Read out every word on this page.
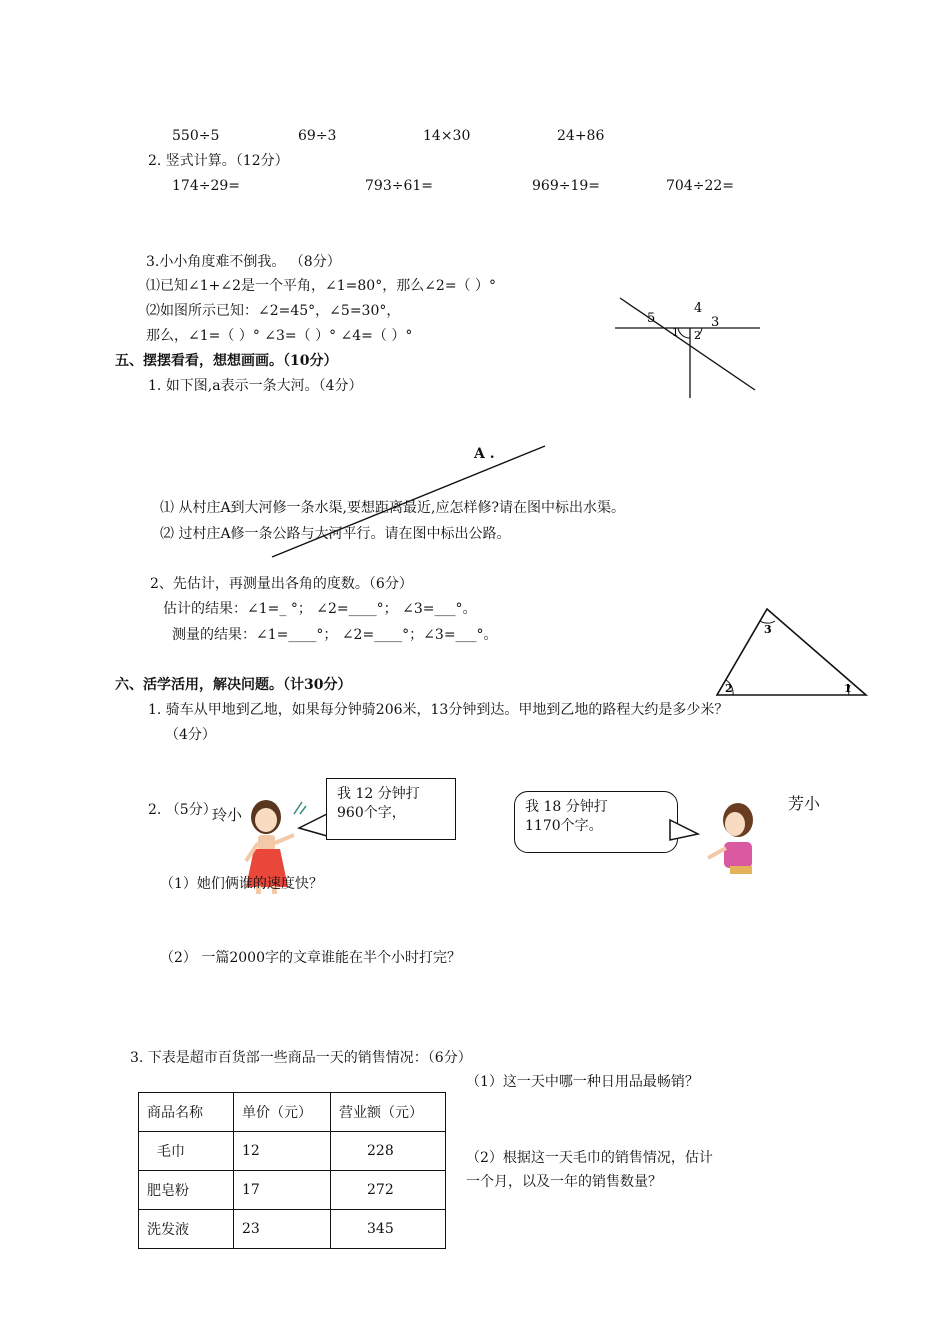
550÷5	69÷3	14×30	24+86
2. 竖式计算。（12分）
174÷29=	793÷61=	969÷19=	704÷22=
3.小小角度难不倒我。 （8分）
⑴已知∠1+∠2是一个平角，∠1=80°，那么∠2=（ ）°
⑵如图所示已知：∠2=45°，∠5=30°，
那么，∠1=（ ）° ∠3=（ ）° ∠4=（ ）°
5
4
3
1 2
五、摆摆看看，想想画画。（10分）
1. 如下图,a表示一条大河。（4分）
A .
⑴ 从村庄A到大河修一条水渠,要想距离最近,应怎样修?请在图中标出水渠。
⑵ 过村庄A修一条公路与大河平行。请在图中标出公路。
2、先估计，再测量出各角的度数。（6分）
估计的结果：∠1=_ °； ∠2=____°； ∠3=___°。
测量的结果：∠1=____°； ∠2=____°；∠3=___°。	3
2	1
六、活学活用，解决问题。（计30分）
1. 骑车从甲地到乙地，如果每分钟骑206米，13分钟到达。甲地到乙地的路程大约是多少米？
（4分）
2. （5分）
玲小
芳小
我 12 分钟打
960个字，	我 18 分钟打
1170个字。
（1）她们俩谁的速度快？
（2） 一篇2000字的文章谁能在半个小时打完？
3. 下表是超市百货部一些商品一天的销售情况：（6分）
（1）这一天中哪一种日用品最畅销？
（2）根据这一天毛巾的销售情况，估计
一个月，以及一年的销售数量？
商品名称	单价（元）	营业额（元）
毛巾	12	228
肥皂粉	17	272
洗发液	23	345
